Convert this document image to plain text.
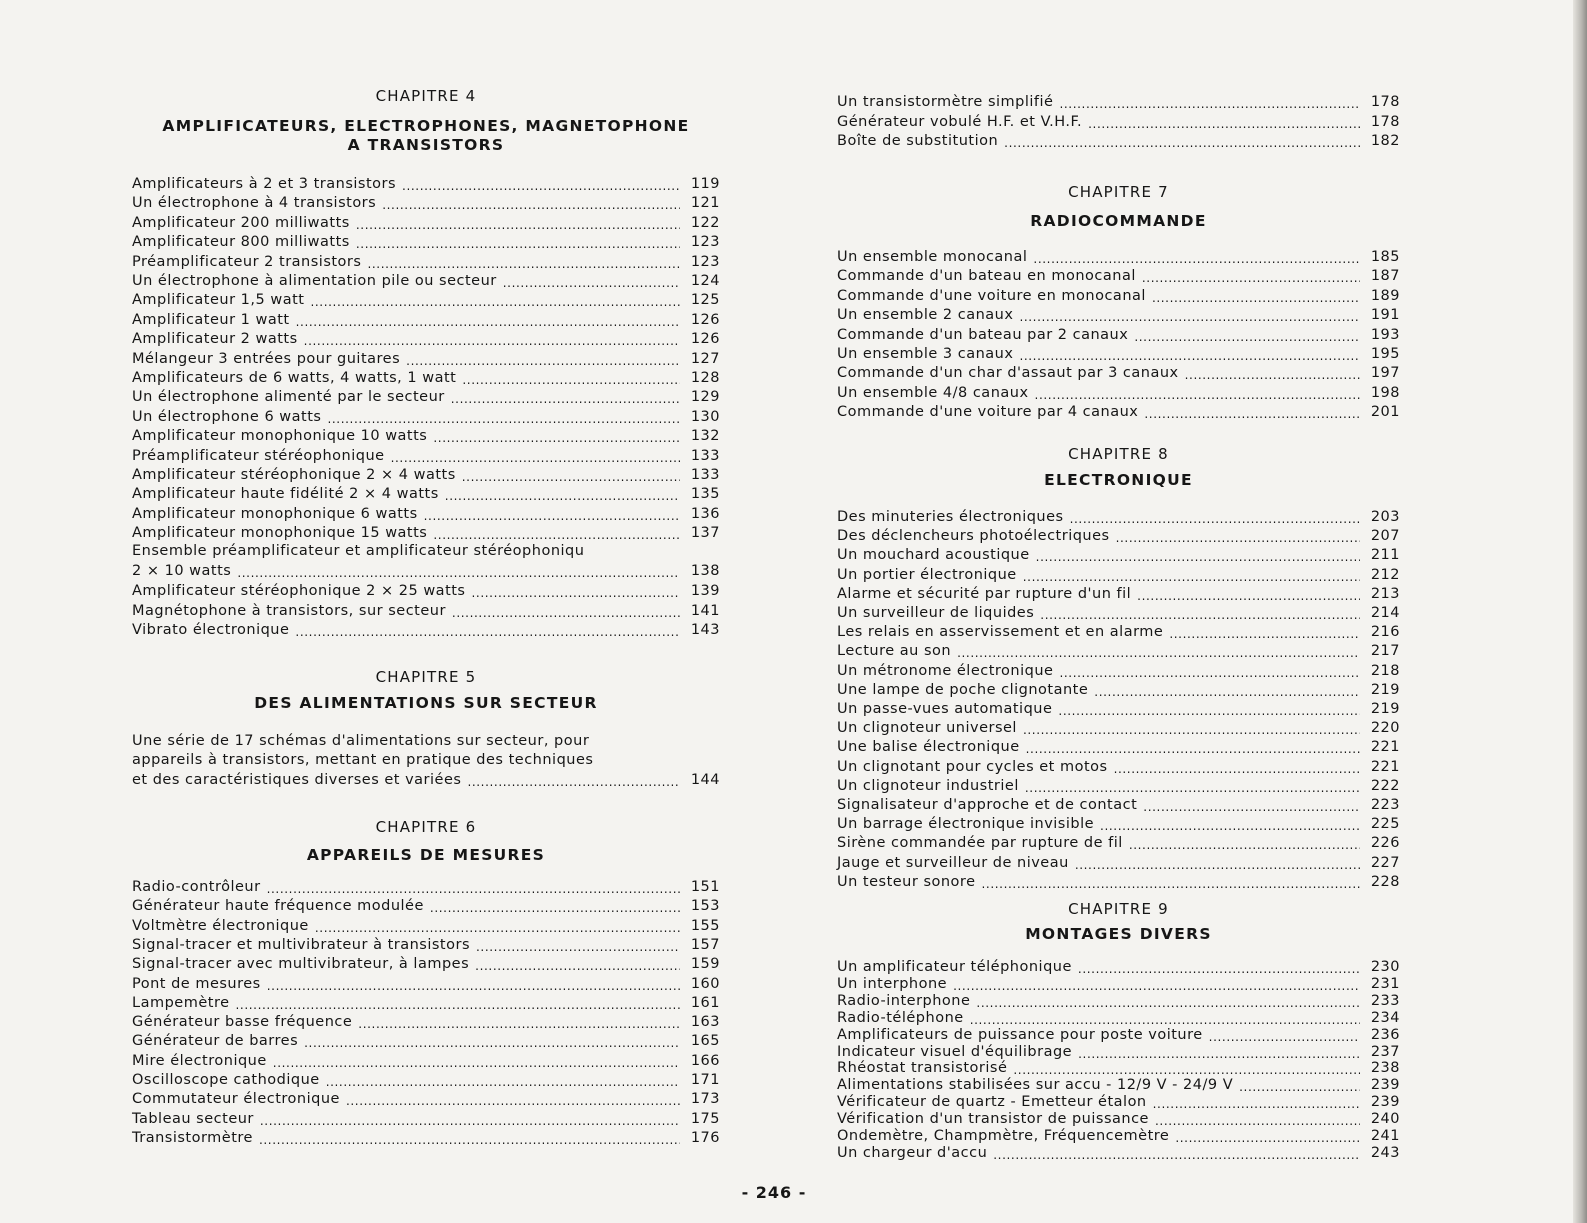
CHAPITRE 4
AMPLIFICATEURS, ELECTROPHONES, MAGNETOPHONE
A TRANSISTORS
Amplificateurs à 2 et 3 transistors .....	119
Un électrophone à 4 transistors .....	121
Amplificateur 200 milliwatts .....	122
Amplificateur 800 milliwatts .....	123
Préamplificateur 2 transistors .....	123
Un électrophone à alimentation pile ou secteur .....	124
Amplificateur 1,5 watt .....	125
Amplificateur 1 watt .....	126
Amplificateur 2 watts .....	126
Mélangeur 3 entrées pour guitares .....	127
Amplificateurs de 6 watts, 4 watts, 1 watt .....	128
Un électrophone alimenté par le secteur .....	129
Un électrophone 6 watts .....	130
Amplificateur monophonique 10 watts .....	132
Préamplificateur stéréophonique .....	133
Amplificateur stéréophonique 2 × 4 watts .....	133
Amplificateur haute fidélité 2 × 4 watts .....	135
Amplificateur monophonique 6 watts .....	136
Amplificateur monophonique 15 watts .....	137
Ensemble préamplificateur et amplificateur stéréophoniqu
2 × 10 watts .....	138
Amplificateur stéréophonique 2 × 25 watts .....	139
Magnétophone à transistors, sur secteur .....	141
Vibrato électronique .....	143
CHAPITRE 5
DES ALIMENTATIONS SUR SECTEUR
Une série de 17 schémas d'alimentations sur secteur, pour
appareils à transistors, mettant en pratique des techniques
et des caractéristiques diverses et variées .....	144
CHAPITRE 6
APPAREILS DE MESURES
Radio-contrôleur .....	151
Générateur haute fréquence modulée .....	153
Voltmètre électronique .....	155
Signal-tracer et multivibrateur à transistors .....	157
Signal-tracer avec multivibrateur, à lampes .....	159
Pont de mesures .....	160
Lampemètre .....	161
Générateur basse fréquence .....	163
Générateur de barres .....	165
Mire électronique .....	166
Oscilloscope cathodique .....	171
Commutateur électronique .....	173
Tableau secteur .....	175
Transistormètre .....	176
Un transistormètre simplifié .....	178
Générateur vobulé H.F. et V.H.F. .....	178
Boîte de substitution .....	182
CHAPITRE 7
RADIOCOMMANDE
Un ensemble monocanal .....	185
Commande d'un bateau en monocanal .....	187
Commande d'une voiture en monocanal .....	189
Un ensemble 2 canaux .....	191
Commande d'un bateau par 2 canaux .....	193
Un ensemble 3 canaux .....	195
Commande d'un char d'assaut par 3 canaux .....	197
Un ensemble 4/8 canaux .....	198
Commande d'une voiture par 4 canaux .....	201
CHAPITRE 8
ELECTRONIQUE
Des minuteries électroniques .....	203
Des déclencheurs photoélectriques .....	207
Un mouchard acoustique .....	211
Un portier électronique .....	212
Alarme et sécurité par rupture d'un fil .....	213
Un surveilleur de liquides .....	214
Les relais en asservissement et en alarme .....	216
Lecture au son .....	217
Un métronome électronique .....	218
Une lampe de poche clignotante .....	219
Un passe-vues automatique .....	219
Un clignoteur universel .....	220
Une balise électronique .....	221
Un clignotant pour cycles et motos .....	221
Un clignoteur industriel .....	222
Signalisateur d'approche et de contact .....	223
Un barrage électronique invisible .....	225
Sirène commandée par rupture de fil .....	226
Jauge et surveilleur de niveau .....	227
Un testeur sonore .....	228
CHAPITRE 9
MONTAGES DIVERS
Un amplificateur téléphonique .....	230
Un interphone .....	231
Radio-interphone .....	233
Radio-téléphone .....	234
Amplificateurs de puissance pour poste voiture .....	236
Indicateur visuel d'équilibrage .....	237
Rhéostat transistorisé .....	238
Alimentations stabilisées sur accu - 12/9 V - 24/9 V .....	239
Vérificateur de quartz - Emetteur étalon .....	239
Vérification d'un transistor de puissance .....	240
Ondemètre, Champmètre, Fréquencemètre .....	241
Un chargeur d'accu .....	243
- 246 -
